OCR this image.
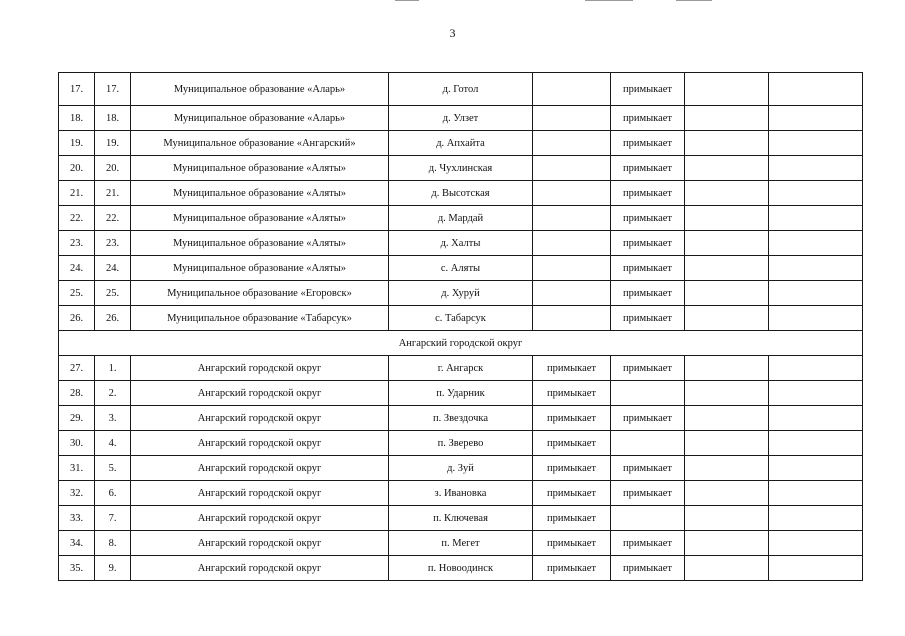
3
17.	17.	Муниципальное образование «Аларь»	д. Готол		примыкает		
18.	18.	Муниципальное образование «Аларь»	д. Улзет		примыкает		
19.	19.	Муниципальное образование «Ангарский»	д. Апхайта		примыкает		
20.	20.	Муниципальное образование «Аляты»	д. Чухлинская		примыкает		
21.	21.	Муниципальное образование «Аляты»	д. Высотская		примыкает		
22.	22.	Муниципальное образование «Аляты»	д. Мардай		примыкает		
23.	23.	Муниципальное образование «Аляты»	д. Халты		примыкает		
24.	24.	Муниципальное образование «Аляты»	с. Аляты		примыкает		
25.	25.	Муниципальное образование «Егоровск»	д. Хуруй		примыкает		
26.	26.	Муниципальное образование «Табарсук»	с. Табарсук		примыкает		
Ангарский городской округ							
27.	1.	Ангарский городской округ	г. Ангарск	примыкает	примыкает		
28.	2.	Ангарский городской округ	п. Ударник	примыкает			
29.	3.	Ангарский городской округ	п. Звездочка	примыкает	примыкает		
30.	4.	Ангарский городской округ	п. Зверево	примыкает			
31.	5.	Ангарский городской округ	д. Зуй	примыкает	примыкает		
32.	6.	Ангарский городской округ	з. Ивановка	примыкает	примыкает		
33.	7.	Ангарский городской округ	п. Ключевая	примыкает			
34.	8.	Ангарский городской округ	п. Мегет	примыкает	примыкает		
35.	9.	Ангарский городской округ	п. Новоодинск	примыкает	примыкает		
